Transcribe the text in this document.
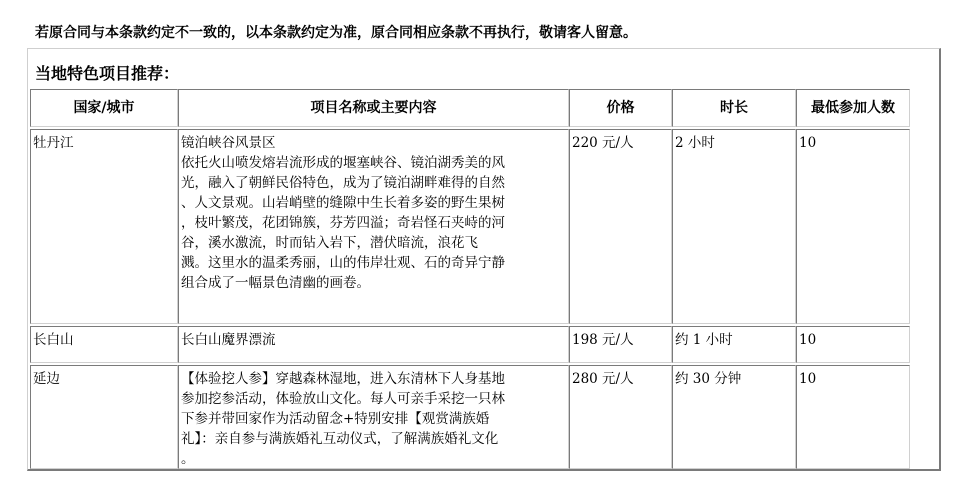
若原合同与本条款约定不一致的，以本条款约定为准，原合同相应条款不再执行，敬请客人留意。
当地特色项目推荐：
国家/城市	项目名称或主要内容	价格	时长	最低参加人数
牡丹江	镜泊峡谷风景区
依托火山喷发熔岩流形成的堰塞峡谷、镜泊湖秀美的风
光，融入了朝鲜民俗特色，成为了镜泊湖畔难得的自然
、人文景观。山岩峭壁的缝隙中生长着多姿的野生果树
，枝叶繁茂，花团锦簇，芬芳四溢；奇岩怪石夹峙的河
谷，溪水激流，时而钻入岩下，潜伏暗流，浪花飞
溅。这里水的温柔秀丽，山的伟岸壮观、石的奇异宁静
组合成了一幅景色清幽的画卷。
220 元/人	2 小时	10
长白山	长白山魔界漂流	198 元/人	约 1 小时	10
延边	【体验挖人参】穿越森林湿地，进入东清林下人身基地
参加挖参活动，体验放山文化。每人可亲手采挖一只林
下参并带回家作为活动留念+特别安排【观赏满族婚
礼】：亲自参与满族婚礼互动仪式，了解满族婚礼文化
。
280 元/人	约 30 分钟	10
